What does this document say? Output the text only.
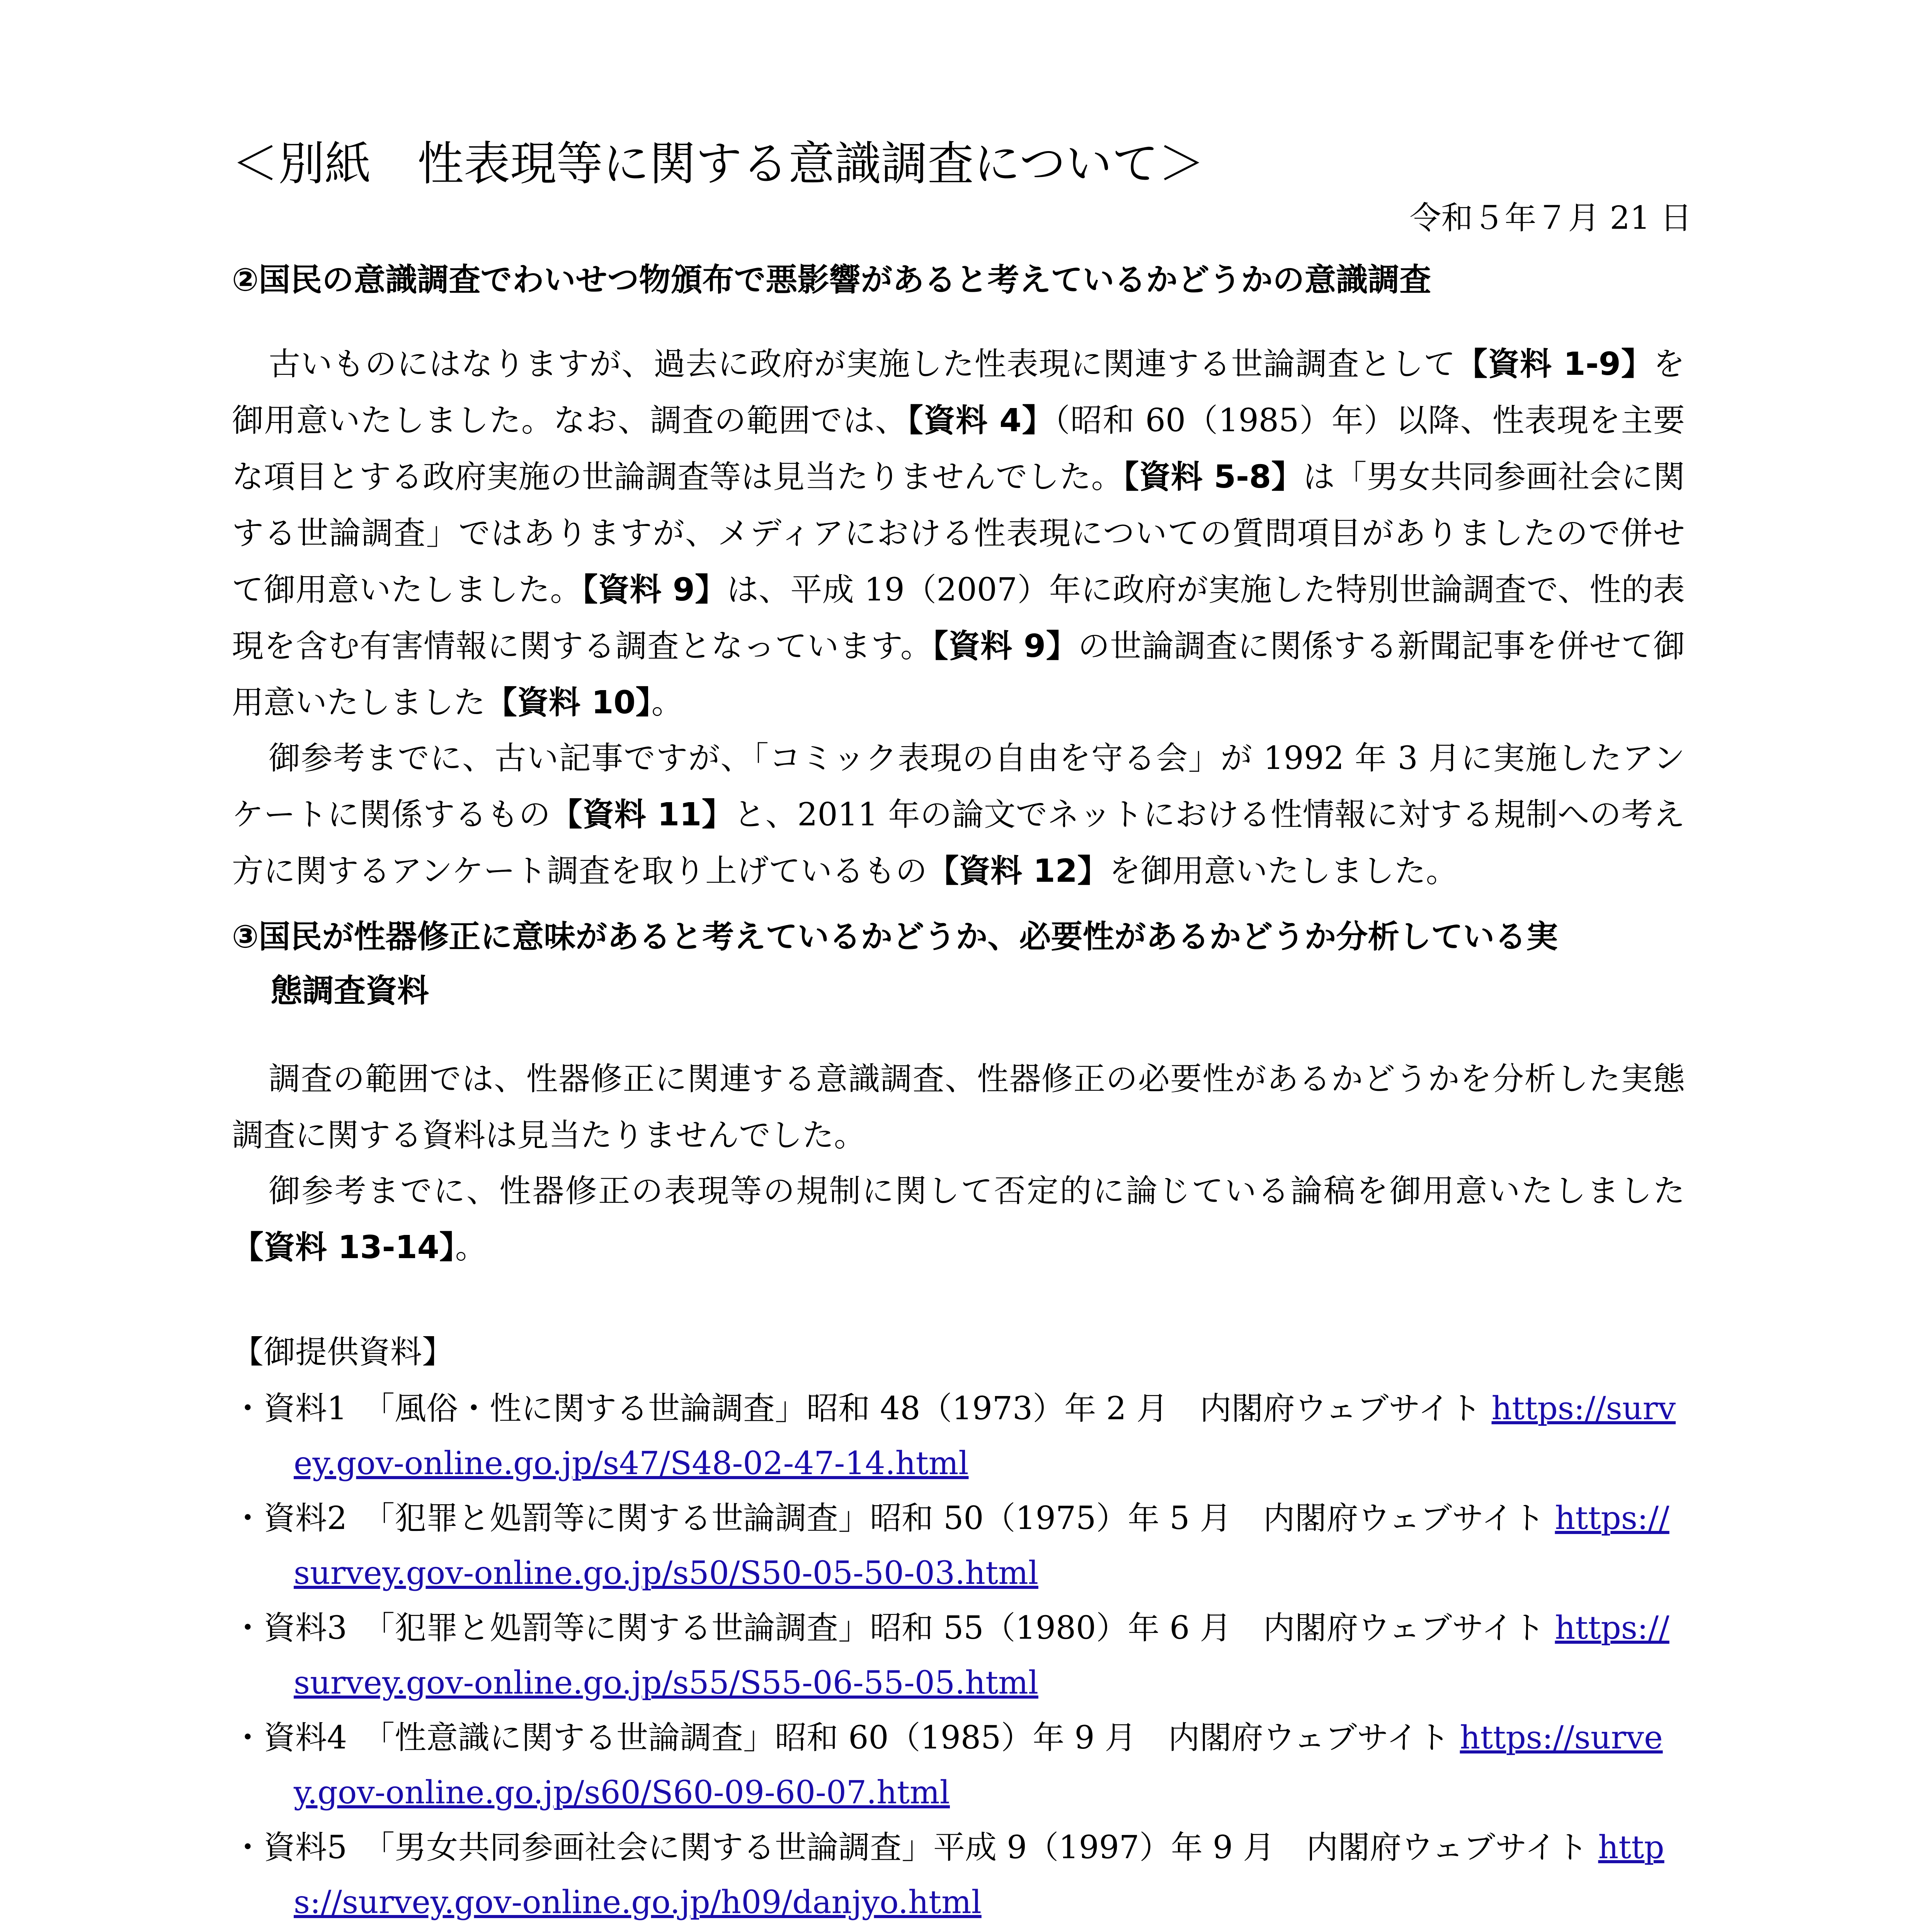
＜別紙　性表現等に関する意識調査について＞
令和５年７月 21 日
②国民の意識調査でわいせつ物頒布で悪影響があると考えているかどうかの意識調査
古いものにはなりますが、過去に政府が実施した性表現に関連する世論調査として【資料 1-9】を御用意いたしました。なお、調査の範囲では、【資料 4】（昭和 60（1985）年）以降、性表現を主要な項目とする政府実施の世論調査等は見当たりませんでした。【資料 5-8】は「男女共同参画社会に関する世論調査」ではありますが、メディアにおける性表現についての質問項目がありましたので併せて御用意いたしました。【資料 9】は、平成 19（2007）年に政府が実施した特別世論調査で、性的表現を含む有害情報に関する調査となっています。【資料 9】の世論調査に関係する新聞記事を併せて御用意いたしました【資料 10】。
御参考までに、古い記事ですが、「コミック表現の自由を守る会」が 1992 年 3 月に実施したアンケートに関係するもの【資料 11】と、2011 年の論文でネットにおける性情報に対する規制への考え方に関するアンケート調査を取り上げているもの【資料 12】を御用意いたしました。
③国民が性器修正に意味があると考えているかどうか、必要性があるかどうか分析している実
態調査資料
調査の範囲では、性器修正に関連する意識調査、性器修正の必要性があるかどうかを分析した実態調査に関する資料は見当たりませんでした。
御参考までに、性器修正の表現等の規制に関して否定的に論じている論稿を御用意いたしました【資料 13-14】。
【御提供資料】
・資料1　「風俗・性に関する世論調査」昭和 48（1973）年 2 月　内閣府ウェブサイト https://survey.gov-online.go.jp/s47/S48-02-47-14.html
・資料2　「犯罪と処罰等に関する世論調査」昭和 50（1975）年 5 月　内閣府ウェブサイト https://survey.gov-online.go.jp/s50/S50-05-50-03.html
・資料3　「犯罪と処罰等に関する世論調査」昭和 55（1980）年 6 月　内閣府ウェブサイト https://survey.gov-online.go.jp/s55/S55-06-55-05.html
・資料4　「性意識に関する世論調査」昭和 60（1985）年 9 月　内閣府ウェブサイト https://survey.gov-online.go.jp/s60/S60-09-60-07.html
・資料5　「男女共同参画社会に関する世論調査」平成 9（1997）年 9 月　内閣府ウェブサイト https://survey.gov-online.go.jp/h09/danjyo.html
